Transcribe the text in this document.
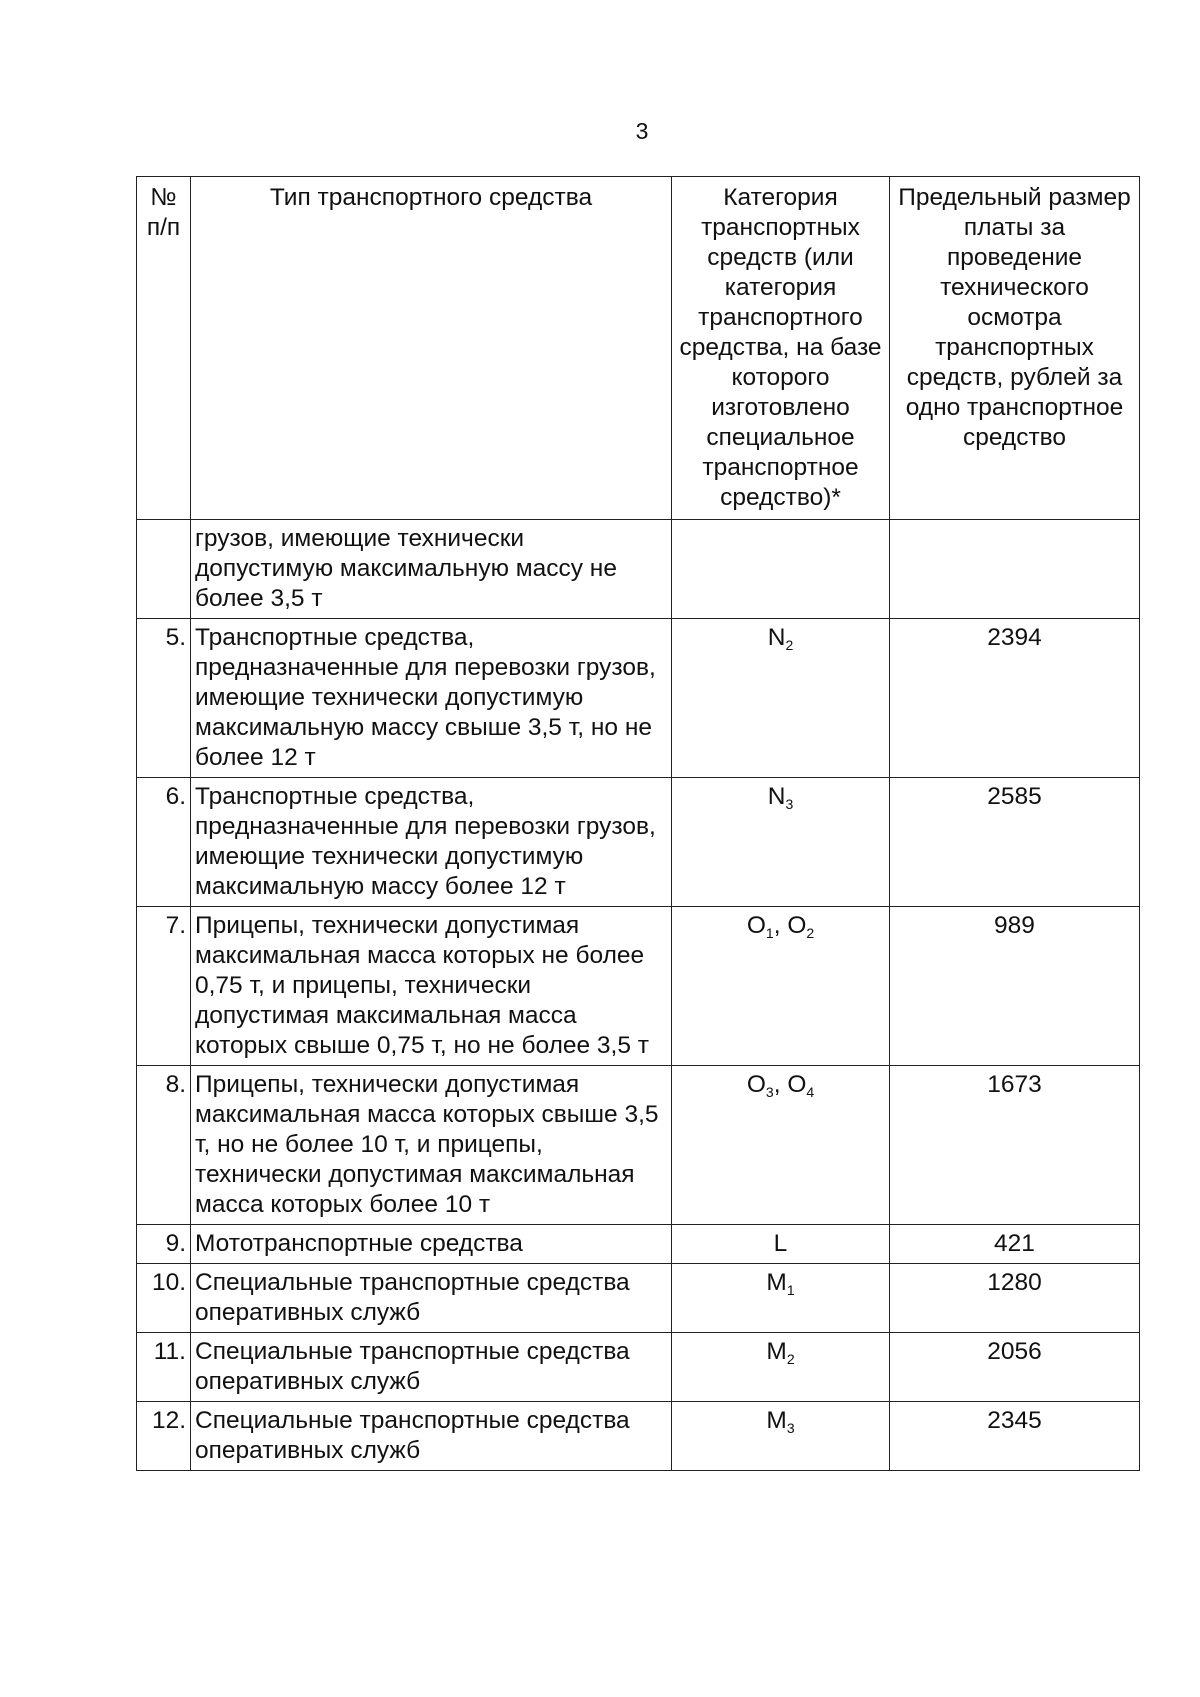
3
№ п/п	Тип транспортного средства	Категория транспортных средств (или категория транспортного средства, на базе которого изготовлено специальное транспортное средство)*	Предельный размер платы за проведение технического осмотра транспортных средств, рублей за одно транспортное средство
	грузов, имеющие технически допустимую максимальную массу не более 3,5 т		
5.	Транспортные средства, предназначенные для перевозки грузов, имеющие технически допустимую максимальную массу свыше 3,5 т, но не более 12 т	$N_2$	2394
6.	Транспортные средства, предназначенные для перевозки грузов, имеющие технически допустимую максимальную массу более 12 т	$N_3$	2585
7.	Прицепы, технически допустимая максимальная масса которых не более 0,75 т, и прицепы, технически допустимая максимальная масса которых свыше 0,75 т, но не более 3,5 т	$O_1$, $O_2$	989
8.	Прицепы, технически допустимая максимальная масса которых свыше 3,5 т, но не более 10 т, и прицепы, технически допустимая максимальная масса которых более 10 т	$O_3$, $O_4$	1673
9.	Мототранспортные средства	L	421
10.	Специальные транспортные средства оперативных служб	$M_1$	1280
11.	Специальные транспортные средства оперативных служб	$M_2$	2056
12.	Специальные транспортные средства оперативных служб	$M_3$	2345
